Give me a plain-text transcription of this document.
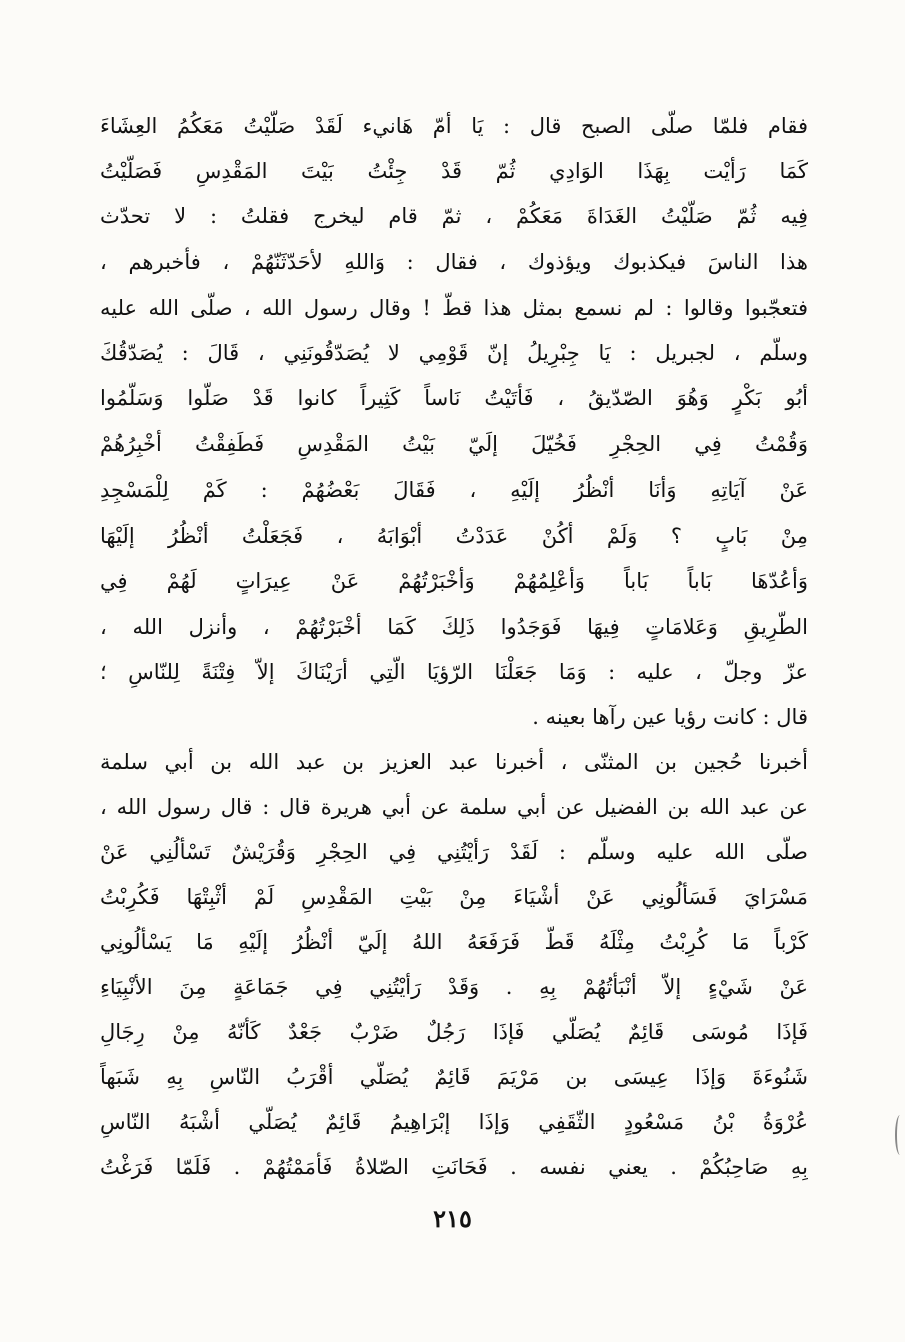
فقام فلمّا صلّى الصبح قال : يَا أمّ هَانيء لَقَدْ صَلّيْتُ مَعَكُمُ العِشَاءَ
كَمَا رَأيْت بِهَذَا الوَادِي ثُمّ قَدْ جِئْتُ بَيْتَ المَقْدِسِ فَصَلّيْتُ
فِيه ثُمّ صَلّيْتُ الغَدَاةَ مَعَكُمْ ، ثمّ قام ليخرج فقلتُ : لا تحدّث
هذا الناسَ فيكذبوك ويؤذوك ، فقال : وَاللهِ لأحَدّثَنّهُمْ ، فأخبرهم ،
فتعجّبوا وقالوا : لم نسمع بمثل هذا قطّ ! وقال رسول الله ، صلّى الله عليه
وسلّم ، لجبريل : يَا جِبْرِيلُ إنّ قَوْمِي لا يُصَدّقُونَنِي ، قَالَ : يُصَدّقُكَ
أبُو بَكْرٍ وَهُوَ الصّدّيقُ ، فَأتَيْتُ نَاساً كَثِيراً كانوا قَدْ صَلّوا وَسَلّمُوا
وَقُمْتُ فِي الحِجْرِ فَخُيّلَ إلَيّ بَيْتُ المَقْدِسِ فَطَفِقْتُ أخْبِرُهُمْ
عَنْ آيَاتِهِ وَأنَا أنْظُرُ إلَيْهِ ، فَقَالَ بَعْضُهُمْ : كَمْ لِلْمَسْجِدِ
مِنْ بَابٍ ؟ وَلَمْ أكُنْ عَدَدْتُ أبْوَابَهُ ، فَجَعَلْتُ أنْظُرُ إلَيْهَا
وَأعُدّهَا بَاباً بَاباً وَأعْلِمُهُمْ وَأخْبَرْتُهُمْ عَنْ عِيرَاتٍ لَهُمْ فِي
الطّرِيقِ وَعَلامَاتٍ فِيهَا فَوَجَدُوا ذَلِكَ كَمَا أخْبَرْتُهُمْ ، وأنزل الله ،
عزّ وجلّ ، عليه : وَمَا جَعَلْنَا الرّؤيَا الّتِي أرَيْنَاكَ إلاّ فِتْنَةً لِلنّاسِ ؛
قال : كانت رؤيا عين رآها بعينه .
أخبرنا حُجين بن المثنّى ، أخبرنا عبد العزيز بن عبد الله بن أبي سلمة
عن عبد الله بن الفضيل عن أبي سلمة عن أبي هريرة قال : قال رسول الله ،
صلّى الله عليه وسلّم : لَقَدْ رَأيْتُنِي فِي الحِجْرِ وَقُرَيْشٌ تَسْألُنِي عَنْ
مَسْرَايَ فَسَألُونِي عَنْ أشْيَاءَ مِنْ بَيْتِ المَقْدِسِ لَمْ أثْبِتْهَا فَكُرِبْتُ
كَرْباً مَا كُرِبْتُ مِثْلَهُ قَطّ فَرَفَعَهُ اللهُ إلَيّ أنْظُرُ إلَيْهِ مَا يَسْألُونِي
عَنْ شَيْءٍ إلاّ أنْبَأتُهُمْ بِهِ . وَقَدْ رَأيْتُنِي فِي جَمَاعَةٍ مِنَ الأنْبِيَاءِ
فَإذَا مُوسَى قَائِمٌ يُصَلّي فَإذَا رَجُلٌ ضَرْبٌ جَعْدٌ كَأنّهُ مِنْ رِجَالِ
شَنُوءَةَ وَإذَا عِيسَى بن مَرْيَمَ قَائِمٌ يُصَلّي أقْرَبُ النّاسِ بِهِ شَبَهاً
عُرْوَةُ بْنُ مَسْعُودٍ الثّقَفِي وَإذَا إبْرَاهِيمُ قَائِمٌ يُصَلّي أشْبَهُ النّاسِ
بِهِ صَاحِبُكُمْ . يعني نفسه . فَحَانَتِ الصّلاةُ فَأمَمْتُهُمْ . فَلَمّا فَرَغْتُ
٢١٥
